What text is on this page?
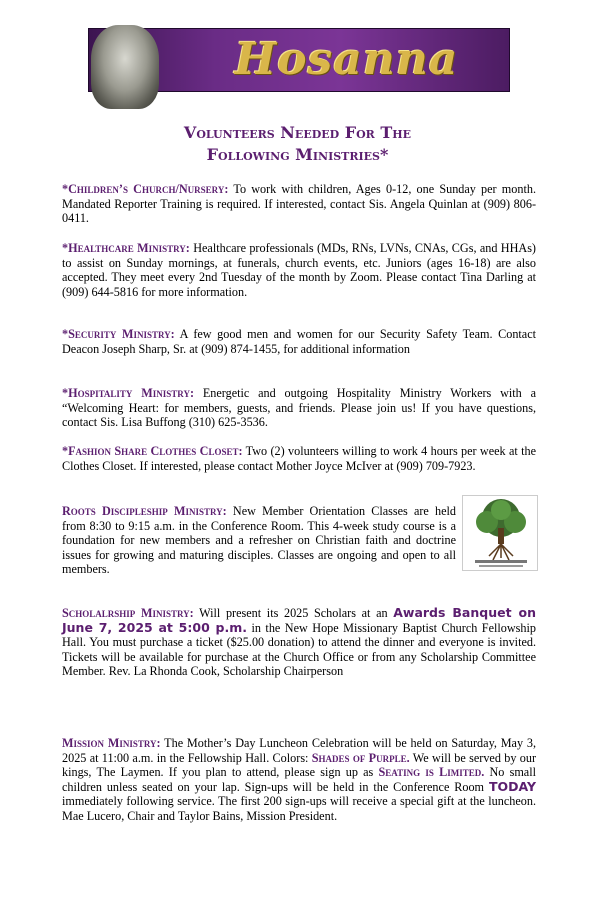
Hosanna
Volunteers Needed For The
Following Ministries*
*Children’s Church/Nursery: To work with children, Ages 0-12, one Sunday per month. Mandated Reporter Training is required. If interested, contact Sis. Angela Quinlan at (909) 806-0411.
*Healthcare Ministry: Healthcare professionals (MDs, RNs, LVNs, CNAs, CGs, and HHAs) to assist on Sunday mornings, at funerals, church events, etc. Juniors (ages 16-18) are also accepted. They meet every 2nd Tuesday of the month by Zoom. Please contact Tina Darling at (909) 644-5816 for more information.
*Security Ministry: A few good men and women for our Security Safety Team. Contact Deacon Joseph Sharp, Sr. at (909) 874-1455, for additional information
*Hospitality Ministry: Energetic and outgoing Hospitality Ministry Workers with a “Welcoming Heart: for members, guests, and friends. Please join us! If you have questions, contact Sis. Lisa Buffong (310) 625-3536.
*Fashion Share Clothes Closet: Two (2) volunteers willing to work 4 hours per week at the Clothes Closet. If interested, please contact Mother Joyce McIver at (909) 709-7923.
Roots Discipleship Ministry: New Member Orientation Classes are held from 8:30 to 9:15 a.m. in the Conference Room. This 4-week study course is a foundation for new members and a refresher on Christian faith and doctrine issues for growing and maturing disciples. Classes are ongoing and open to all members.
Scholalrship Ministry: Will present its 2025 Scholars at an Awards Banquet on June 7, 2025 at 5:00 p.m. in the New Hope Missionary Baptist Church Fellowship Hall. You must purchase a ticket ($25.00 donation) to attend the dinner and everyone is invited. Tickets will be available for purchase at the Church Office or from any Scholarship Committee Member. Rev. La Rhonda Cook, Scholarship Chairperson
Mission Ministry: The Mother’s Day Luncheon Celebration will be held on Saturday, May 3, 2025 at 11:00 a.m. in the Fellowship Hall. Colors: Shades of Purple. We will be served by our kings, The Laymen. If you plan to attend, please sign up as Seating is Limited. No small children unless seated on your lap. Sign-ups will be held in the Conference Room TODAY immediately following service. The first 200 sign-ups will receive a special gift at the luncheon. Mae Lucero, Chair and Taylor Bains, Mission President.
